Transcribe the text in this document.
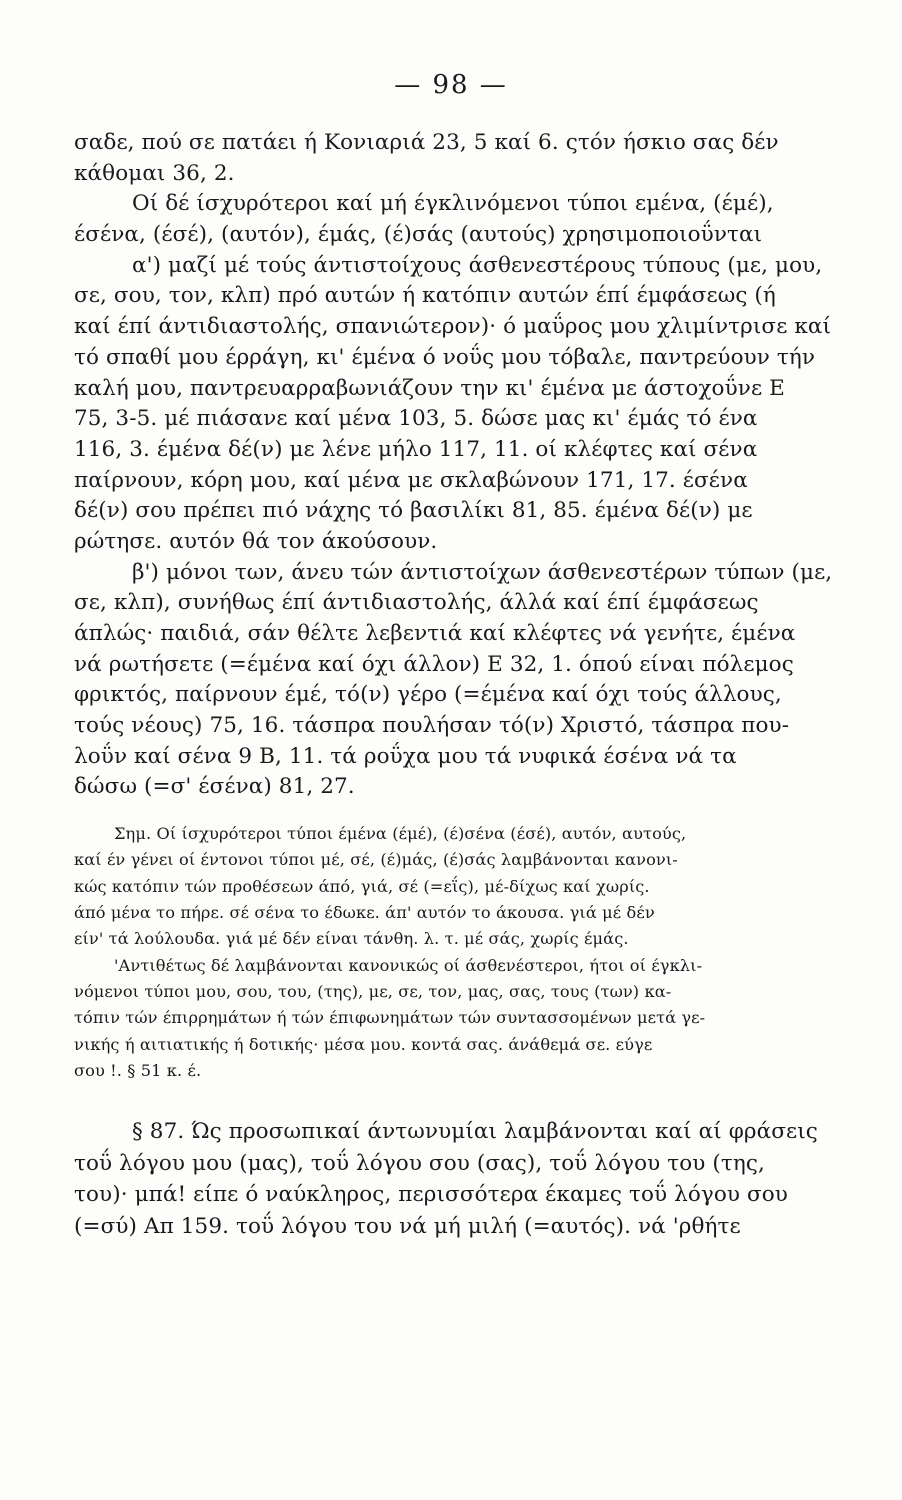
— 98 —
σαδε, πού σε πατάει ή Κονιαριά 23, 5 καί 6. ςτόν ήσκιο σας δέν
κάθομαι 36, 2.
Οί δέ ίσχυρότεροι καί μή έγκλινόμενοι τύποι εμένα, (έμέ),
έσένα, (έσέ), (αυτόν), έμάς, (έ)σάς (αυτούς) χρησιμοποιοΰνται
α') μαζί μέ τούς άντιστοίχους άσθενεστέρους τύπους (με, μου,
σε, σου, τον, κλπ) πρό αυτών ή κατόπιν αυτών έπί έμφάσεως (ή
καί έπί άντιδιαστολής, σπανιώτερον)· ό μαΰρος μου χλιμίντρισε καί
τό σπαθί μου έρράγη, κι' έμένα ό νοΰς μου τόβαλε, παντρεύουν τήν
καλή μου, παντρευαρραβωνιάζουν την κι' έμένα με άστοχοΰνε Ε
75, 3-5. μέ πιάσανε καί μένα 103, 5. δώσε μας κι' έμάς τό ένα
116, 3. έμένα δέ(ν) με λένε μήλο 117, 11. οί κλέφτες καί σένα
παίρνουν, κόρη μου, καί μένα με σκλαβώνουν 171, 17. έσένα
δέ(ν) σου πρέπει πιό νάχης τό βασιλίκι 81, 85. έμένα δέ(ν) με
ρώτησε. αυτόν θά τον άκούσουν.
β') μόνοι των, άνευ τών άντιστοίχων άσθενεστέρων τύπων (με,
σε, κλπ), συνήθως έπί άντιδιαστολής, άλλά καί έπί έμφάσεως
άπλώς· παιδιά, σάν θέλτε λεβεντιά καί κλέφτες νά γενήτε, έμένα
νά ρωτήσετε (=έμένα καί όχι άλλον) Ε 32, 1. όπού είναι πόλεμος
φρικτός, παίρνουν έμέ, τό(ν) γέρο (=έμένα καί όχι τούς άλλους,
τούς νέους) 75, 16. τάσπρα πουλήσαν τό(ν) Χριστό, τάσπρα που-
λοΰν καί σένα 9 Β, 11. τά ροΰχα μου τά νυφικά έσένα νά τα
δώσω (=σ' έσένα) 81, 27.
Σημ. Οί ίσχυρότεροι τύποι έμένα (έμέ), (έ)σένα (έσέ), αυτόν, αυτούς,
καί έν γένει οί έντονοι τύποι μέ, σέ, (έ)μάς, (έ)σάς λαμβάνονται κανονι-
κώς κατόπιν τών προθέσεων άπό, γιά, σέ (=εΐς), μέ-δίχως καί χωρίς.
άπό μένα το πήρε. σέ σένα το έδωκε. άπ' αυτόν το άκουσα. γιά μέ δέν
είν' τά λούλουδα. γιά μέ δέν είναι τάνθη. λ. τ. μέ σάς, χωρίς έμάς.
'Αντιθέτως δέ λαμβάνονται κανονικώς οί άσθενέστεροι, ήτοι οί έγκλι-
νόμενοι τύποι μου, σου, του, (της), με, σε, τον, μας, σας, τους (των) κα-
τόπιν τών έπιρρημάτων ή τών έπιφωνημάτων τών συντασσομένων μετά γε-
νικής ή αιτιατικής ή δοτικής· μέσα μου. κοντά σας. άνάθεμά σε. εύγε
σου !. § 51 κ. έ.
§ 87. Ώς προσωπικαί άντωνυμίαι λαμβάνονται καί αί φράσεις
τοΰ λόγου μου (μας), τοΰ λόγου σου (σας), τοΰ λόγου του (της,
του)· μπά! είπε ό ναύκληρος, περισσότερα έκαμες τοΰ λόγου σου
(=σύ) Απ 159. τοΰ λόγου του νά μή μιλή (=αυτός). νά 'ρθήτε
